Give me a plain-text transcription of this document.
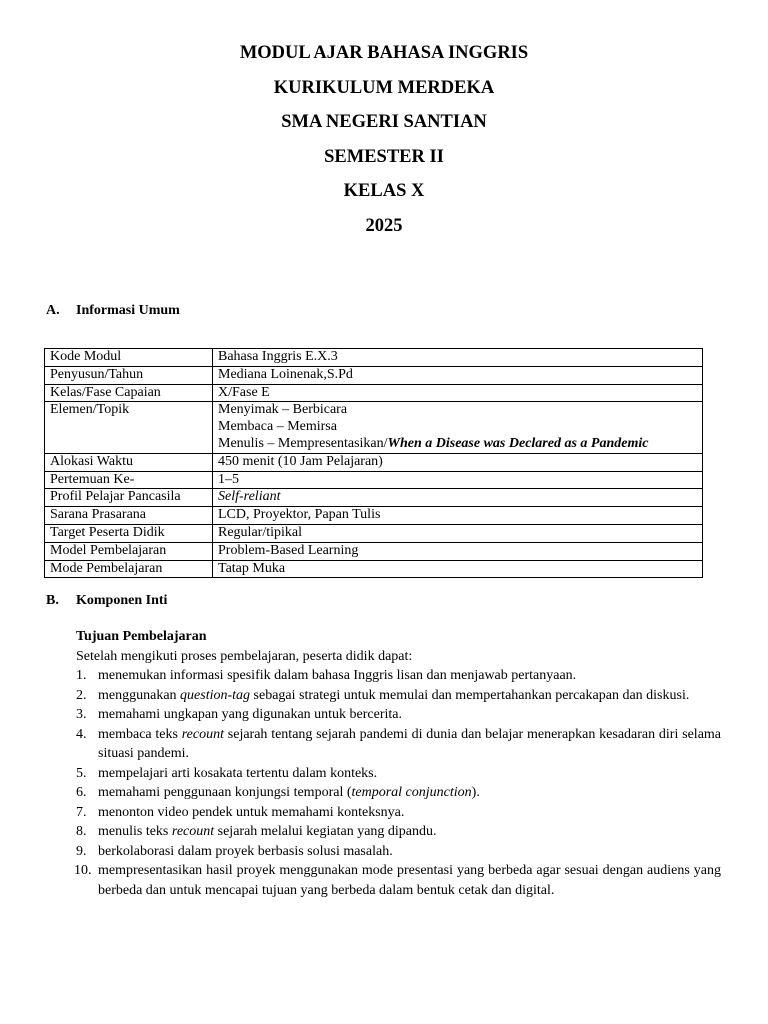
MODUL AJAR BAHASA INGGRIS
KURIKULUM MERDEKA
SMA NEGERI SANTIAN
SEMESTER II
KELAS X
2025
A. Informasi Umum
Kode Modul	Bahasa Inggris E.X.3
Penyusun/Tahun	Mediana Loinenak,S.Pd
Kelas/Fase Capaian	X/Fase E
Elemen/Topik	Menyimak – Berbicara
Membaca – Memirsa
Menulis – Mempresentasikan/When a Disease was Declared as a Pandemic

Alokasi Waktu	450 menit (10 Jam Pelajaran)
Pertemuan Ke-	1–5
Profil Pelajar Pancasila	Self-reliant
Sarana Prasarana	LCD, Proyektor, Papan Tulis
Target Peserta Didik	Regular/tipikal
Model Pembelajaran	Problem-Based Learning
Mode Pembelajaran	Tatap Muka
B. Komponen Inti
Tujuan Pembelajaran
Setelah mengikuti proses pembelajaran, peserta didik dapat:
1. menemukan informasi spesifik dalam bahasa Inggris lisan dan menjawab pertanyaan.
2. menggunakan question-tag sebagai strategi untuk memulai dan mempertahankan percakapan dan diskusi.
3. memahami ungkapan yang digunakan untuk bercerita.
4. membaca teks recount sejarah tentang sejarah pandemi di dunia dan belajar menerapkan kesadaran diri selama situasi pandemi.
5. mempelajari arti kosakata tertentu dalam konteks.
6. memahami penggunaan konjungsi temporal (temporal conjunction).
7. menonton video pendek untuk memahami konteksnya.
8. menulis teks recount sejarah melalui kegiatan yang dipandu.
9. berkolaborasi dalam proyek berbasis solusi masalah.
10. mempresentasikan hasil proyek menggunakan mode presentasi yang berbeda agar sesuai dengan audiens yang berbeda dan untuk mencapai tujuan yang berbeda dalam bentuk cetak dan digital.
